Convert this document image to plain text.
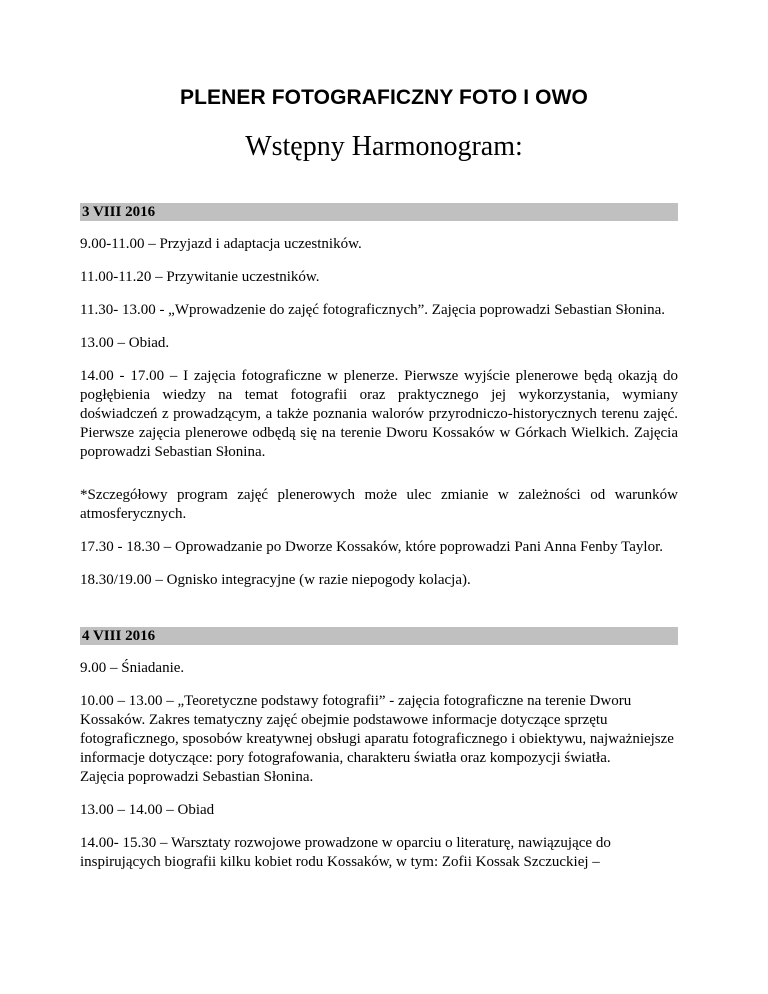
PLENER FOTOGRAFICZNY FOTO I OWO
Wstępny Harmonogram:
3 VIII 2016
9.00-11.00 – Przyjazd i adaptacja uczestników.
11.00-11.20 – Przywitanie uczestników.
11.30- 13.00 - „Wprowadzenie do zajęć fotograficznych”. Zajęcia poprowadzi Sebastian Słonina.
13.00 – Obiad.
14.00 - 17.00 – I zajęcia fotograficzne w plenerze. Pierwsze wyjście plenerowe będą okazją do pogłębienia wiedzy na temat fotografii oraz praktycznego jej wykorzystania, wymiany doświadczeń z prowadzącym, a także poznania walorów przyrodniczo-historycznych terenu zajęć. Pierwsze zajęcia plenerowe odbędą się na terenie Dworu Kossaków w Górkach Wielkich. Zajęcia poprowadzi Sebastian Słonina.
*Szczegółowy program zajęć plenerowych może ulec zmianie w zależności od warunków atmosferycznych.
17.30 - 18.30 – Oprowadzanie po Dworze Kossaków, które poprowadzi Pani Anna Fenby Taylor.
18.30/19.00 – Ognisko integracyjne (w razie niepogody kolacja).
4 VIII 2016
9.00 – Śniadanie.
10.00 – 13.00 – „Teoretyczne podstawy fotografii” - zajęcia fotograficzne na terenie Dworu Kossaków. Zakres tematyczny zajęć obejmie podstawowe informacje dotyczące sprzętu fotograficznego, sposobów kreatywnej obsługi aparatu fotograficznego i obiektywu, najważniejsze informacje dotyczące: pory fotografowania, charakteru światła oraz kompozycji światła.
Zajęcia poprowadzi Sebastian Słonina.
13.00 – 14.00 – Obiad
14.00- 15.30 – Warsztaty rozwojowe prowadzone w oparciu o literaturę, nawiązujące do inspirujących biografii kilku kobiet rodu Kossaków, w tym: Zofii Kossak Szczuckiej –
